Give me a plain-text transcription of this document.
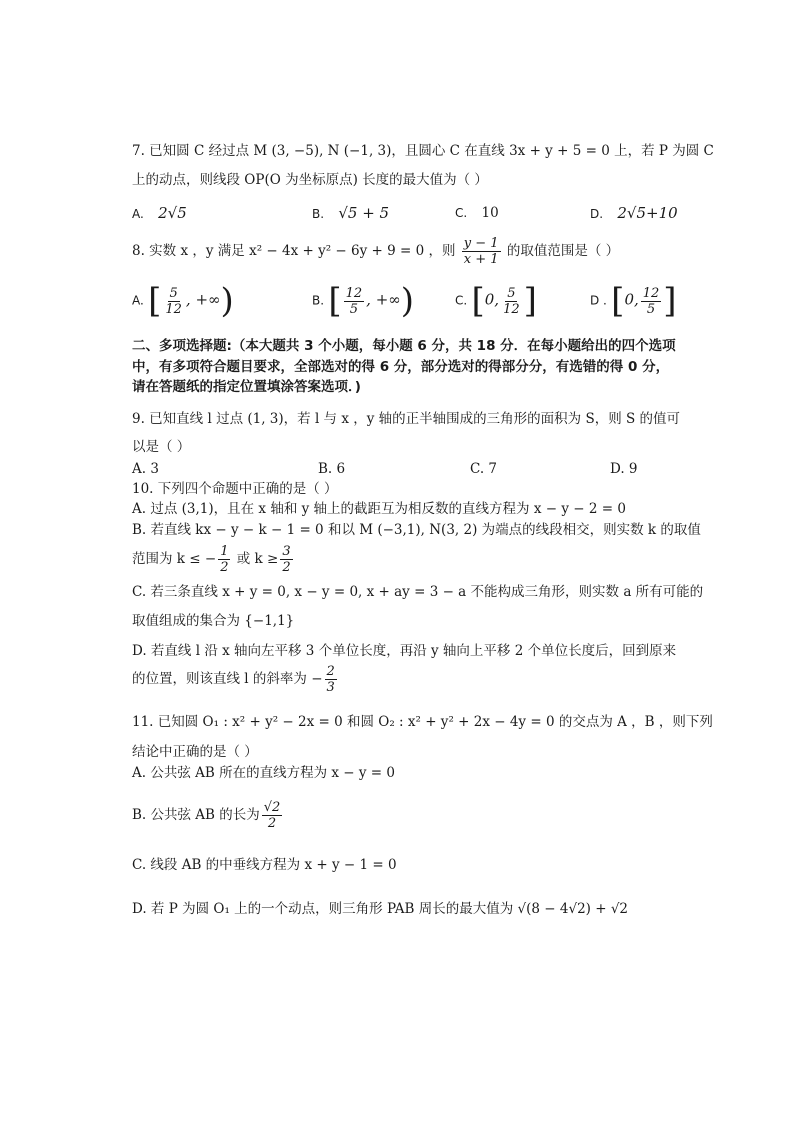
7. 已知圆 C 经过点 M (3, −5), N (−1, 3)，且圆心 C 在直线 3x + y + 5 = 0 上，若 P 为圆 C
上的动点，则线段 OP(O 为坐标原点) 长度的最大值为（ ）
A. 2√5	B. √5 + 5	C. 10	D. 2√5+10
8. 实数 x ，y 满足 x² − 4x + y² − 6y + 9 = 0 ，则 $\frac{y - 1}{x + 1}$ 的取值范围是（ ）
A. [ $\frac{5}{12}$ , +∞)	B. [ $\frac{12}{5}$ , +∞)	C. [0, $\frac{5}{12}$ ]	D . [0, $\frac{12}{5}$ ]
二、多项选择题:（本大题共 3 个小题，每小题 6 分，共 18 分．在每小题给出的四个选项
中，有多项符合题目要求，全部选对的得 6 分，部分选对的得部分分，有选错的得 0 分，
请在答题纸的指定位置填涂答案选项．)
9. 已知直线 l 过点 (1, 3)，若 l 与 x ，y 轴的正半轴围成的三角形的面积为 S，则 S 的值可
以是（ ）
A. 3	B. 6	C. 7	D. 9
10. 下列四个命题中正确的是（ ）
A. 过点 (3,1)，且在 x 轴和 y 轴上的截距互为相反数的直线方程为 x − y − 2 = 0
B. 若直线 kx − y − k − 1 = 0 和以 M (−3,1), N(3, 2) 为端点的线段相交，则实数 k 的取值
范围为 k ≤ − $\frac{1}{2}$ 或 $k \ge \frac{3}{2}$
C. 若三条直线 x + y = 0, x − y = 0, x + ay = 3 − a 不能构成三角形，则实数 a 所有可能的
取值组成的集合为 {−1,1}
D. 若直线 l 沿 x 轴向左平移 3 个单位长度，再沿 y 轴向上平移 2 个单位长度后，回到原来
的位置，则该直线 l 的斜率为 − $\frac{2}{3}$
11. 已知圆 O₁ : x² + y² − 2x = 0 和圆 O₂ : x² + y² + 2x − 4y = 0 的交点为 A ，B ，则下列
结论中正确的是（ ）
A. 公共弦 AB 所在的直线方程为 x − y = 0
B. 公共弦 AB 的长为 $\frac{√2}{2}$
C. 线段 AB 的中垂线方程为 x + y − 1 = 0
D. 若 P 为圆 O₁ 上的一个动点，则三角形 PAB 周长的最大值为 √(8 − 4√2) + √2
